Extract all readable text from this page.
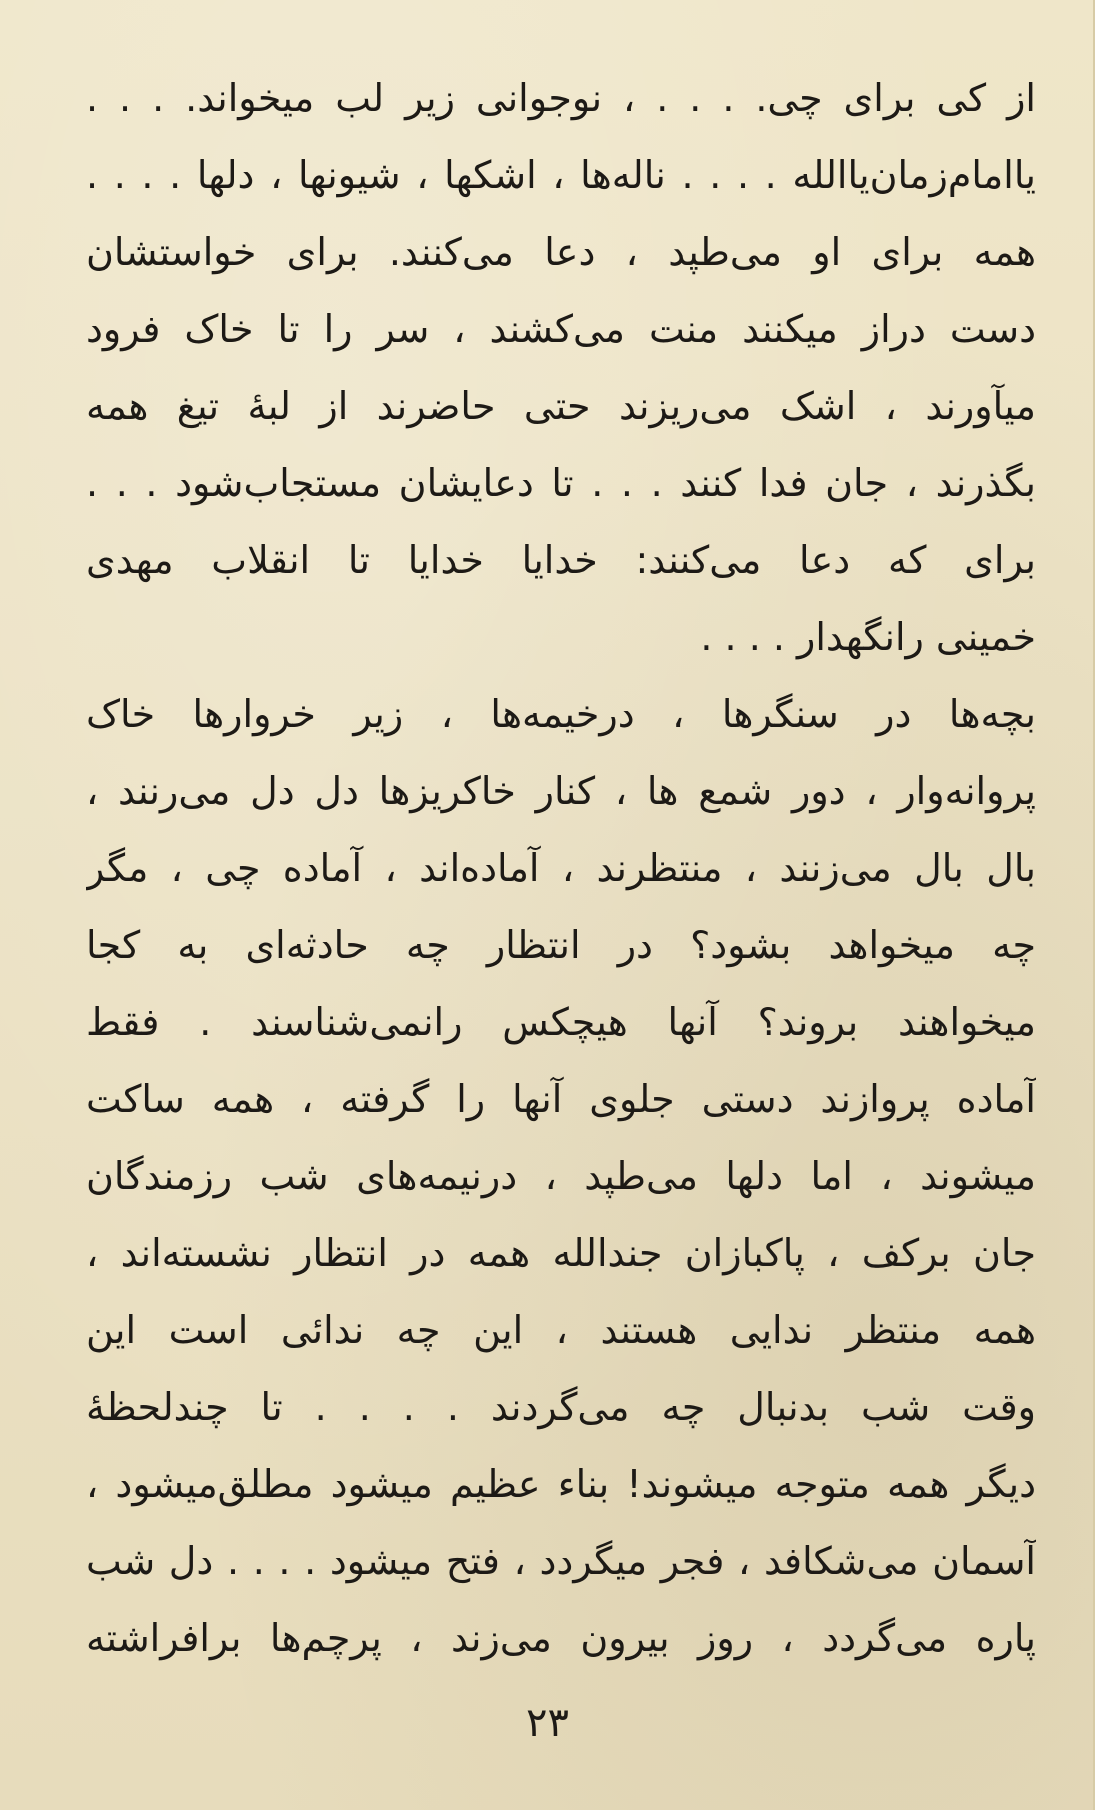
از کی برای چی. . . . ، نوجوانی زیر لب میخواند. . . .
یاامام‌زمان‌یاالله . . . . ناله‌ها ، اشکها ، شیونها ، دلها . . . .
همه برای او می‌طپد ، دعا می‌کنند. برای خواستشان
دست دراز میکنند منت می‌کشند ، سر را تا خاک فرود
میآورند ، اشک می‌ریزند حتی حاضرند از لبهٔ تیغ همه
بگذرند ، جان فدا کنند . . . تا دعایشان مستجاب‌شود . . .
برای که دعا می‌کنند: خدایا خدایا تا انقلاب مهدی
خمینی رانگهدار . . . .
بچه‌ها در سنگرها ، درخیمه‌ها ، زیر خروارها خاک
پروانه‌وار ، دور شمع ها ، کنار خاکریزها دل دل می‌رنند ،
بال بال می‌زنند ، منتظرند ، آماده‌اند ، آماده چی ، مگر
چه میخواهد بشود؟ در انتظار چه حادثه‌ای به کجا
میخواهند بروند؟ آنها هیچکس رانمی‌شناسند . فقط
آماده پروازند دستی جلوی آنها را گرفته ، همه ساکت
میشوند ، اما دلها می‌طپد ، درنیمه‌های شب رزمندگان
جان برکف ، پاکبازان جندالله همه در انتظار نشسته‌اند ،
همه منتظر ندایی هستند ، این چه ندائی است این
وقت شب بدنبال چه می‌گردند . . . . تا چندلحظهٔ
دیگر همه متوجه میشوند! بناء عظیم میشود مطلق‌میشود ،
آسمان می‌شکافد ، فجر میگردد ، فتح میشود . . . . دل شب
پاره می‌گردد ، روز بیرون می‌زند ، پرچم‌ها برافراشته
۲۳
